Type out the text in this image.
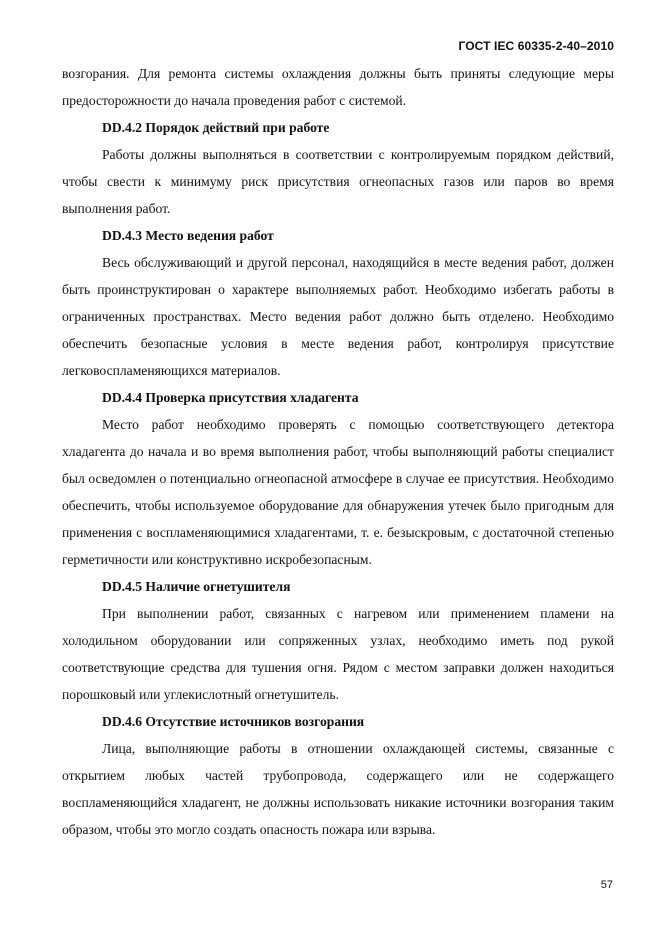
ГОСТ IEC 60335-2-40–2010

возгорания. Для ремонта системы охлаждения должны быть приняты следующие меры предосторожности до начала проведения работ с системой.

DD.4.2 Порядок действий при работе

Работы должны выполняться в соответствии с контролируемым порядком действий, чтобы свести к минимуму риск присутствия огнеопасных газов или паров во время выполнения работ.

DD.4.3 Место ведения работ

Весь обслуживающий и другой персонал, находящийся в месте ведения работ, должен быть проинструктирован о характере выполняемых работ. Необходимо избегать работы в ограниченных пространствах. Место ведения работ должно быть отделено. Необходимо обеспечить безопасные условия в месте ведения работ, контролируя присутствие легковоспламеняющихся материалов.

DD.4.4 Проверка присутствия хладагента

Место работ необходимо проверять с помощью соответствующего детектора хладагента до начала и во время выполнения работ, чтобы выполняющий работы специалист был осведомлен о потенциально огнеопасной атмосфере в случае ее присутствия. Необходимо обеспечить, чтобы используемое оборудование для обнаружения утечек было пригодным для применения с воспламеняющимися хладагентами, т. е. безыскровым, с достаточной степенью герметичности или конструктивно искробезопасным.

DD.4.5 Наличие огнетушителя

При выполнении работ, связанных с нагревом или применением пламени на холодильном оборудовании или сопряженных узлах, необходимо иметь под рукой соответствующие средства для тушения огня. Рядом с местом заправки должен находиться порошковый или углекислотный огнетушитель.

DD.4.6 Отсутствие источников возгорания

Лица, выполняющие работы в отношении охлаждающей системы, связанные с открытием любых частей трубопровода, содержащего или не содержащего воспламеняющийся хладагент, не должны использовать никакие источники возгорания таким образом, чтобы это могло создать опасность пожара или взрыва.

57
